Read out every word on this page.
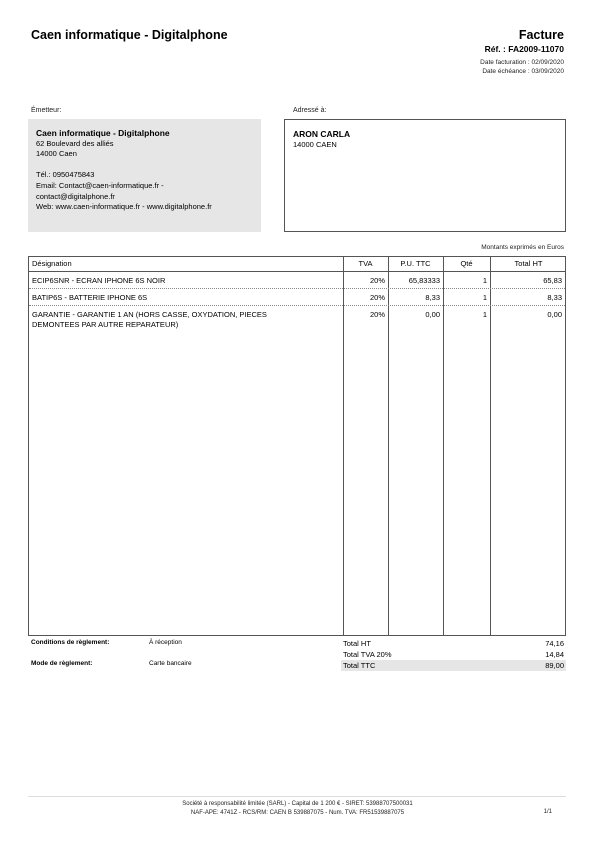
Caen informatique - Digitalphone	Facture
Réf. : FA2009-11070
Date facturation : 02/09/2020
Date échéance : 03/09/2020
Émetteur:	Adressé à:
Caen informatique - Digitalphone
62 Boulevard des alliés
14000 Caen
Tél.: 0950475843
Email: Contact@caen-informatique.fr -
contact@digitalphone.fr
Web: www.caen-informatique.fr - www.digitalphone.fr
ARON CARLA
14000 CAEN
Montants exprimés en Euros
Désignation	TVA	P.U. TTC	Qté	Total HT
ECIP6SNR - ECRAN IPHONE 6S NOIR	20%	65,83333	1	65,83
BATIP6S - BATTERIE IPHONE 6S	20%	8,33	1	8,33
GARANTIE - GARANTIE 1 AN (HORS CASSE, OXYDATION, PIECES
DEMONTEES PAR AUTRE REPARATEUR)
20%	0,00	1	0,00
Conditions de règlement:	À réception
Mode de règlement:	Carte bancaire
Total HT	74,16
Total TVA 20%	14,84
Total TTC	89,00
Société à responsabilité limitée (SARL) - Capital de 1 200 € - SIRET: 53988707500031
NAF-APE: 4741Z - RCS/RM: CAEN B 539887075 - Num. TVA: FR51539887075	1/1
